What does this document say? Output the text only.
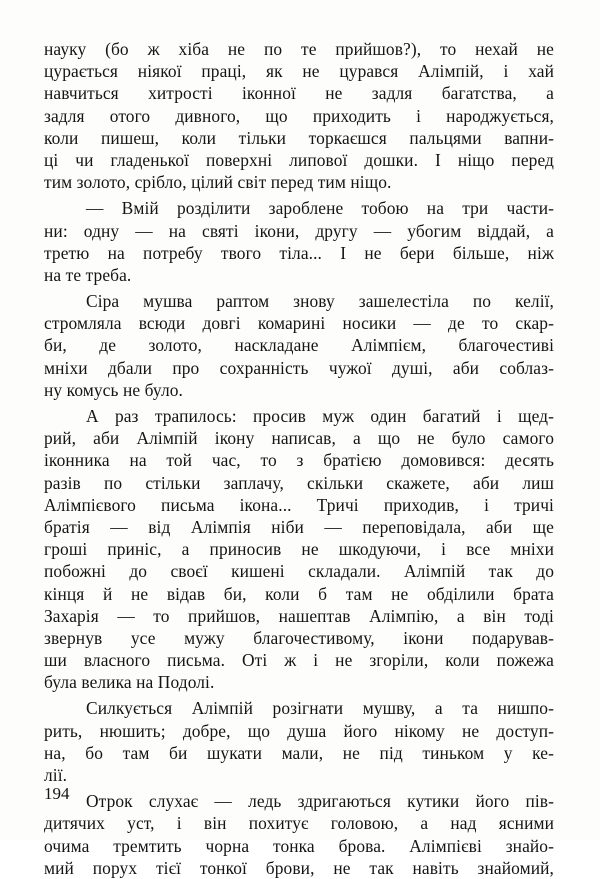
науку (бо ж хіба не по те прийшов?), то нехай не
цурається ніякої праці, як не цурався Алімпій, і хай
навчиться хитрості іконної не задля багатства, а
задля отого дивного, що приходить і народжується,
коли пишеш, коли тільки торкаєшся пальцями вапни-
ці чи гладенької поверхні липової дошки. І ніщо перед
тим золото, срібло, цілий світ перед тим ніщо.
— Вмій розділити зароблене тобою на три части-
ни: одну — на святі ікони, другу — убогим віддай, а
третю на потребу твого тіла... І не бери більше, ніж
на те треба.
Сіра мушва раптом знову зашелестіла по келії,
стромляла всюди довгі комарині носики — де то скар-
би, де золото, наскладане Алімпієм, благочестиві
мніхи дбали про сохранність чужої душі, аби соблаз-
ну комусь не було.
А раз трапилось: просив муж один багатий і щед-
рий, аби Алімпій ікону написав, а що не було самого
іконника на той час, то з братією домовився: десять
разів по стільки заплачу, скільки скажете, аби лиш
Алімпієвого письма ікона... Тричі приходив, і тричі
братія — від Алімпія ніби — переповідала, аби ще
гроші приніс, а приносив не шкодуючи, і все мніхи
побожні до своєї кишені складали. Алімпій так до
кінця й не відав би, коли б там не обділили брата
Захарія — то прийшов, нашептав Алімпію, а він тоді
звернув усе мужу благочестивому, ікони подарував-
ши власного письма. Оті ж і не згоріли, коли пожежа
була велика на Подолі.
Силкується Алімпій розігнати мушву, а та нишпо-
рить, нюшить; добре, що душа його нікому не доступ-
на, бо там би шукати мали, не під тиньком у ке-
лії.
Отрок слухає — ледь здригаються кутики його пів-
дитячих уст, і він похитує головою, а над ясними
очима тремтить чорна тонка брова. Алімпієві знайо-
мий порух тієї тонкої брови, не так навіть знайомий,
194
